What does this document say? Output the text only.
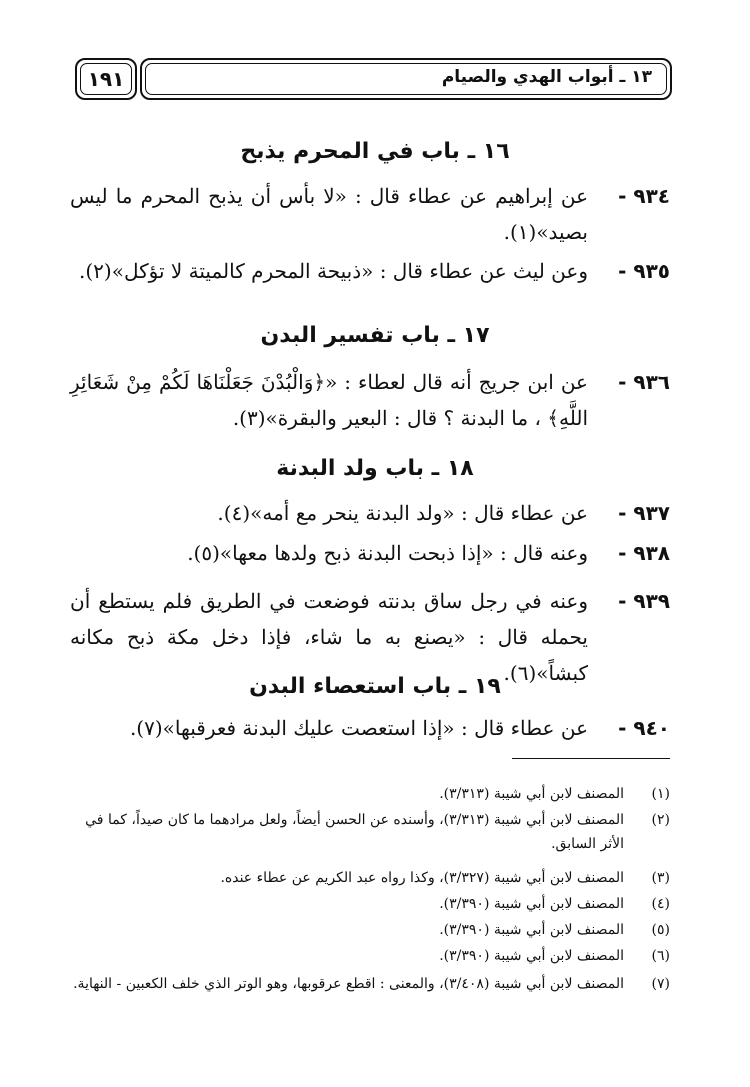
١٣ ـ أبواب الهدي والصيام
١٩١
١٦ ـ باب في المحرم يذبح
٩٣٤ -
عن إبراهيم عن عطاء قال : «لا بأس أن يذبح المحرم ما ليس بصيد»(١).
٩٣٥ -
وعن ليث عن عطاء قال : «ذبيحة المحرم كالميتة لا تؤكل»(٢).
١٧ ـ باب تفسير البدن
٩٣٦ -
عن ابن جريج أنه قال لعطاء : «﴿وَالْبُدْنَ جَعَلْنَاهَا لَكُمْ مِنْ شَعَائِرِ اللَّهِ﴾ ، ما البدنة ؟ قال : البعير والبقرة»(٣).
١٨ ـ باب ولد البدنة
٩٣٧ -
عن عطاء قال : «ولد البدنة ينحر مع أمه»(٤).
٩٣٨ -
وعنه قال : «إذا ذبحت البدنة ذبح ولدها معها»(٥).
٩٣٩ -
وعنه في رجل ساق بدنته فوضعت في الطريق فلم يستطع أن يحمله قال : «يصنع به ما شاء، فإذا دخل مكة ذبح مكانه كبشاً»(٦).
١٩ ـ باب استعصاء البدن
٩٤٠ -
عن عطاء قال : «إذا استعصت عليك البدنة فعرقبها»(٧).
(١)
المصنف لابن أبي شيبة (٣/٣١٣).
(٢)
المصنف لابن أبي شيبة (٣/٣١٣)، وأسنده عن الحسن أيضاً، ولعل مرادهما ما كان صيداً، كما في الأثر السابق.
(٣)
المصنف لابن أبي شيبة (٣/٣٢٧)، وكذا رواه عبد الكريم عن عطاء عنده.
(٤)
المصنف لابن أبي شيبة (٣/٣٩٠).
(٥)
المصنف لابن أبي شيبة (٣/٣٩٠).
(٦)
المصنف لابن أبي شيبة (٣/٣٩٠).
(٧)
المصنف لابن أبي شيبة (٣/٤٠٨)، والمعنى : اقطع عرقوبها، وهو الوتر الذي خلف الكعبين - النهاية.
